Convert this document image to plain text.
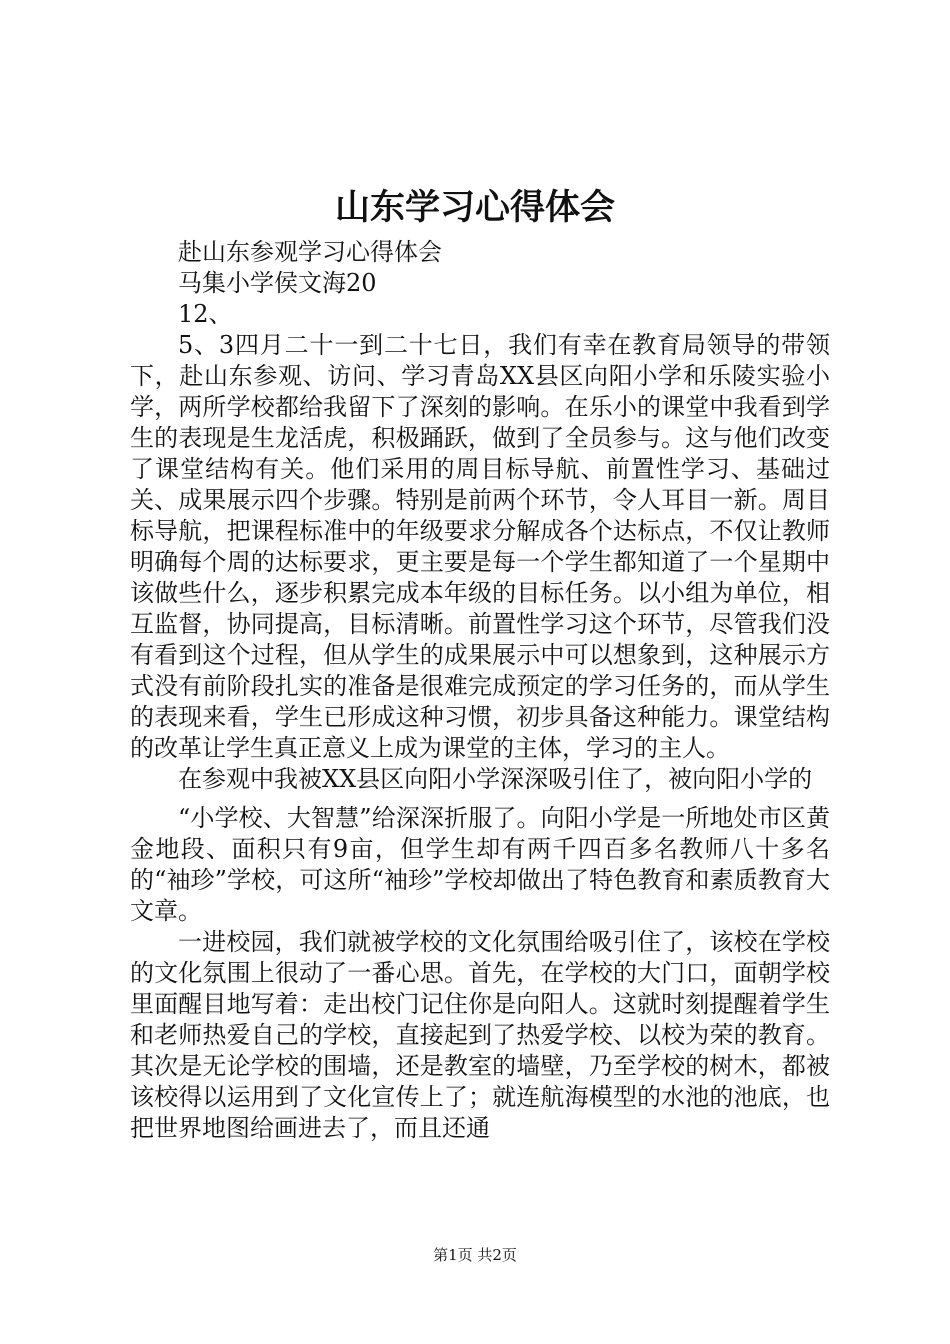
山东学习心得体会

赴山东参观学习心得体会

马集小学侯文海20

12、

5、3四月二十一到二十七日，我们有幸在教育局领导的带领下，赴山东参观、访问、学习青岛XX县区向阳小学和乐陵实验小学，两所学校都给我留下了深刻的影响。在乐小的课堂中我看到学生的表现是生龙活虎，积极踊跃，做到了全员参与。这与他们改变了课堂结构有关。他们采用的周目标导航、前置性学习、基础过关、成果展示四个步骤。特别是前两个环节，令人耳目一新。周目标导航，把课程标准中的年级要求分解成各个达标点，不仅让教师明确每个周的达标要求，更主要是每一个学生都知道了一个星期中该做些什么，逐步积累完成本年级的目标任务。以小组为单位，相互监督，协同提高，目标清晰。前置性学习这个环节，尽管我们没有看到这个过程，但从学生的成果展示中可以想象到，这种展示方式没有前阶段扎实的准备是很难完成预定的学习任务的，而从学生的表现来看，学生已形成这种习惯，初步具备这种能力。课堂结构的改革让学生真正意义上成为课堂的主体，学习的主人。

在参观中我被XX县区向阳小学深深吸引住了，被向阳小学的

“小学校、大智慧”给深深折服了。向阳小学是一所地处市区黄金地段、面积只有9亩，但学生却有两千四百多名教师八十多名的“袖珍”学校，可这所“袖珍”学校却做出了特色教育和素质教育大文章。

一进校园，我们就被学校的文化氛围给吸引住了，该校在学校的文化氛围上很动了一番心思。首先，在学校的大门口，面朝学校里面醒目地写着：走出校门记住你是向阳人。这就时刻提醒着学生和老师热爱自己的学校，直接起到了热爱学校、以校为荣的教育。其次是无论学校的围墙，还是教室的墙壁，乃至学校的树木，都被该校得以运用到了文化宣传上了；就连航海模型的水池的池底，也把世界地图给画进去了，而且还通

第1页 共2页
